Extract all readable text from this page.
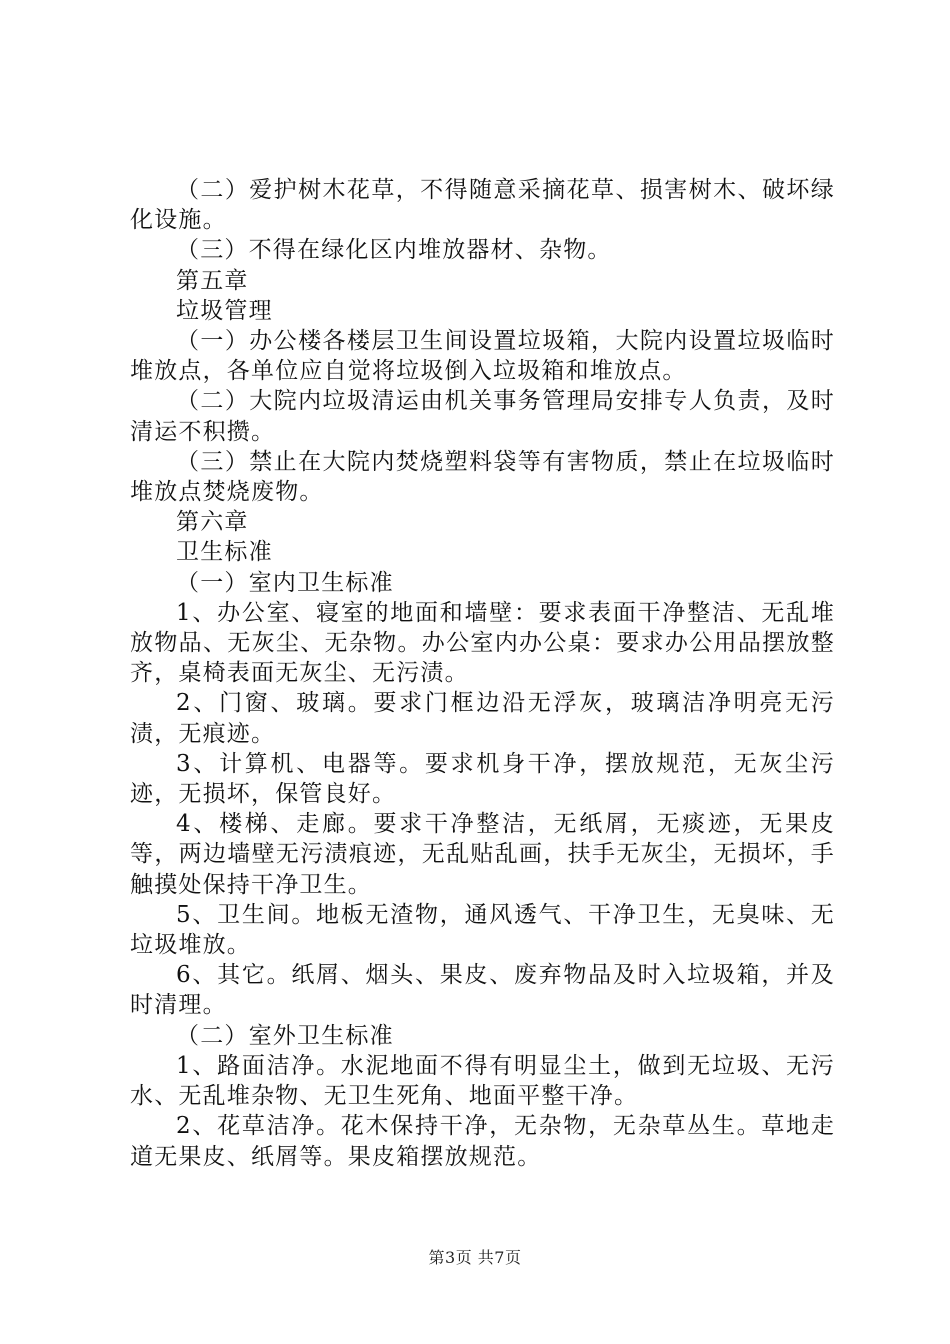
（二）爱护树木花草，不得随意采摘花草、损害树木、破坏绿化设施。

（三）不得在绿化区内堆放器材、杂物。

第五章

垃圾管理

（一）办公楼各楼层卫生间设置垃圾箱，大院内设置垃圾临时堆放点，各单位应自觉将垃圾倒入垃圾箱和堆放点。

（二）大院内垃圾清运由机关事务管理局安排专人负责，及时清运不积攒。

（三）禁止在大院内焚烧塑料袋等有害物质，禁止在垃圾临时堆放点焚烧废物。

第六章

卫生标准

（一）室内卫生标准

1、办公室、寝室的地面和墙壁：要求表面干净整洁、无乱堆放物品、无灰尘、无杂物。办公室内办公桌：要求办公用品摆放整齐，桌椅表面无灰尘、无污渍。

2、门窗、玻璃。要求门框边沿无浮灰，玻璃洁净明亮无污渍，无痕迹。

3、计算机、电器等。要求机身干净，摆放规范，无灰尘污迹，无损坏，保管良好。

4、楼梯、走廊。要求干净整洁，无纸屑，无痰迹，无果皮等，两边墙壁无污渍痕迹，无乱贴乱画，扶手无灰尘，无损坏，手触摸处保持干净卫生。

5、卫生间。地板无渣物，通风透气、干净卫生，无臭味、无垃圾堆放。

6、其它。纸屑、烟头、果皮、废弃物品及时入垃圾箱，并及时清理。

（二）室外卫生标准

1、路面洁净。水泥地面不得有明显尘土，做到无垃圾、无污水、无乱堆杂物、无卫生死角、地面平整干净。

2、花草洁净。花木保持干净，无杂物，无杂草丛生。草地走道无果皮、纸屑等。果皮箱摆放规范。

第3页 共7页
